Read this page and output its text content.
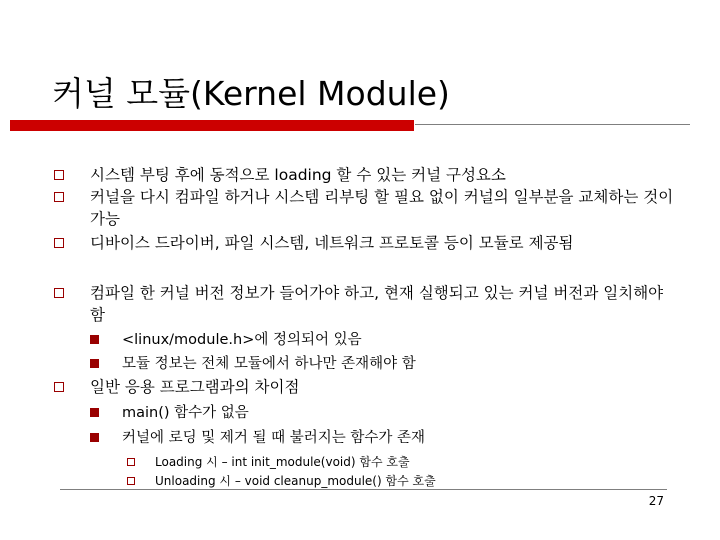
커널 모듈(Kernel Module)
시스템 부팅 후에 동적으로 loading 할 수 있는 커널 구성요소
커널을 다시 컴파일 하거나 시스템 리부팅 할 필요 없이 커널의 일부분을 교체하는 것이 가능
디바이스 드라이버, 파일 시스템, 네트워크 프로토콜 등이 모듈로 제공됨
컴파일 한 커널 버전 정보가 들어가야 하고, 현재 실행되고 있는 커널 버전과 일치해야 함
<linux/module.h>에 정의되어 있음
모듈 정보는 전체 모듈에서 하나만 존재해야 함
일반 응용 프로그램과의 차이점
main() 함수가 없음
커널에 로딩 및 제거 될 때 불러지는 함수가 존재
Loading 시 – int init_module(void) 함수 호출
Unloading 시 – void cleanup_module() 함수 호출
27
